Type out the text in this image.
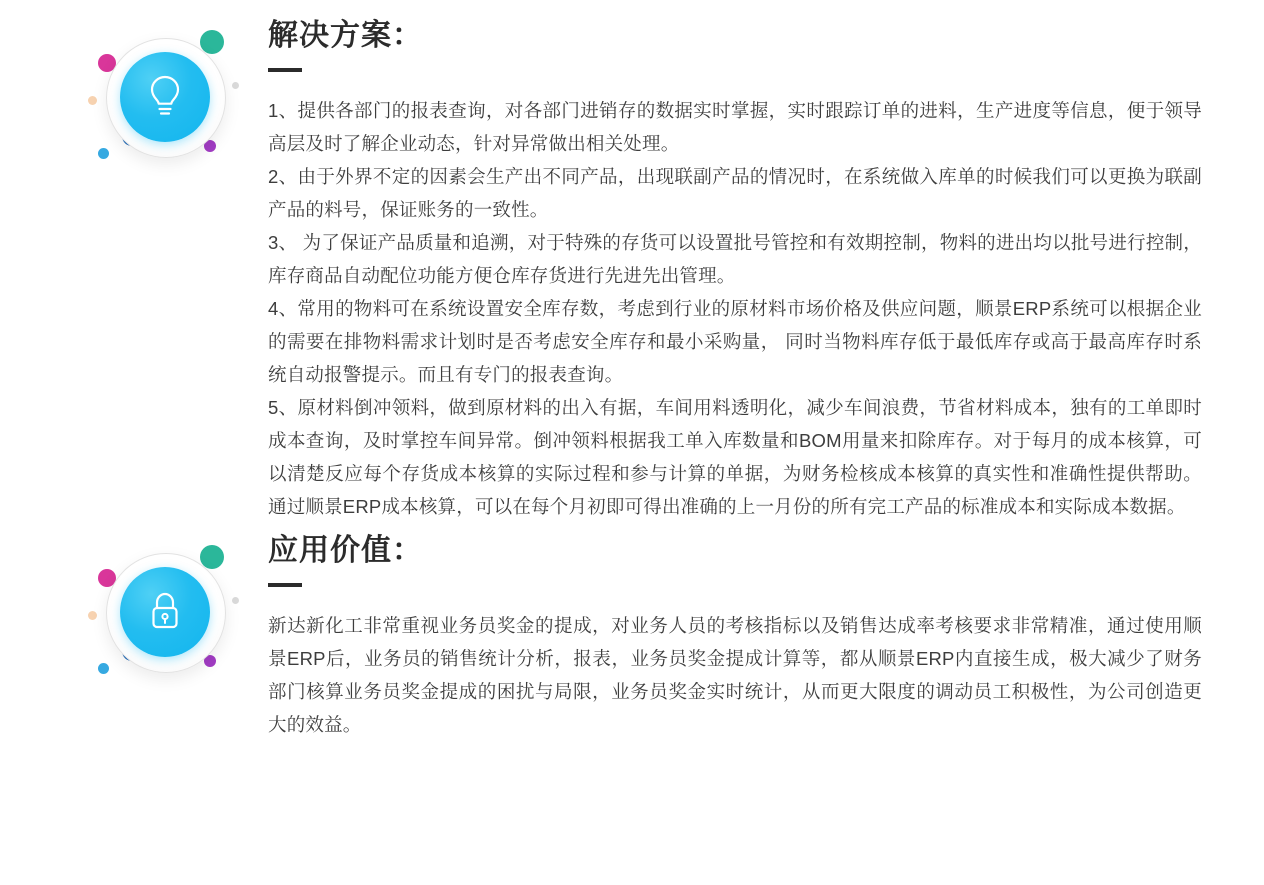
解决方案：

1、提供各部门的报表查询，对各部门进销存的数据实时掌握，实时跟踪订单的进料，生产进度等信息，便于领导高层及时了解企业动态，针对异常做出相关处理。

2、由于外界不定的因素会生产出不同产品，出现联副产品的情况时，在系统做入库单的时候我们可以更换为联副产品的料号，保证账务的一致性。

3、 为了保证产品质量和追溯，对于特殊的存货可以设置批号管控和有效期控制，物料的进出均以批号进行控制，库存商品自动配位功能方便仓库存货进行先进先出管理。

4、常用的物料可在系统设置安全库存数，考虑到行业的原材料市场价格及供应问题，顺景ERP系统可以根据企业的需要在排物料需求计划时是否考虑安全库存和最小采购量， 同时当物料库存低于最低库存或高于最高库存时系统自动报警提示。而且有专门的报表查询。

5、原材料倒冲领料，做到原材料的出入有据，车间用料透明化，减少车间浪费，节省材料成本，独有的工单即时成本查询，及时掌控车间异常。倒冲领料根据我工单入库数量和BOM用量来扣除库存。对于每月的成本核算，可以清楚反应每个存货成本核算的实际过程和参与计算的单据，为财务检核成本核算的真实性和准确性提供帮助。通过顺景ERP成本核算，可以在每个月初即可得出准确的上一月份的所有完工产品的标准成本和实际成本数据。

应用价值：

新达新化工非常重视业务员奖金的提成，对业务人员的考核指标以及销售达成率考核要求非常精准，通过使用顺景ERP后，业务员的销售统计分析，报表，业务员奖金提成计算等，都从顺景ERP内直接生成，极大减少了财务部门核算业务员奖金提成的困扰与局限，业务员奖金实时统计，从而更大限度的调动员工积极性，为公司创造更大的效益。
